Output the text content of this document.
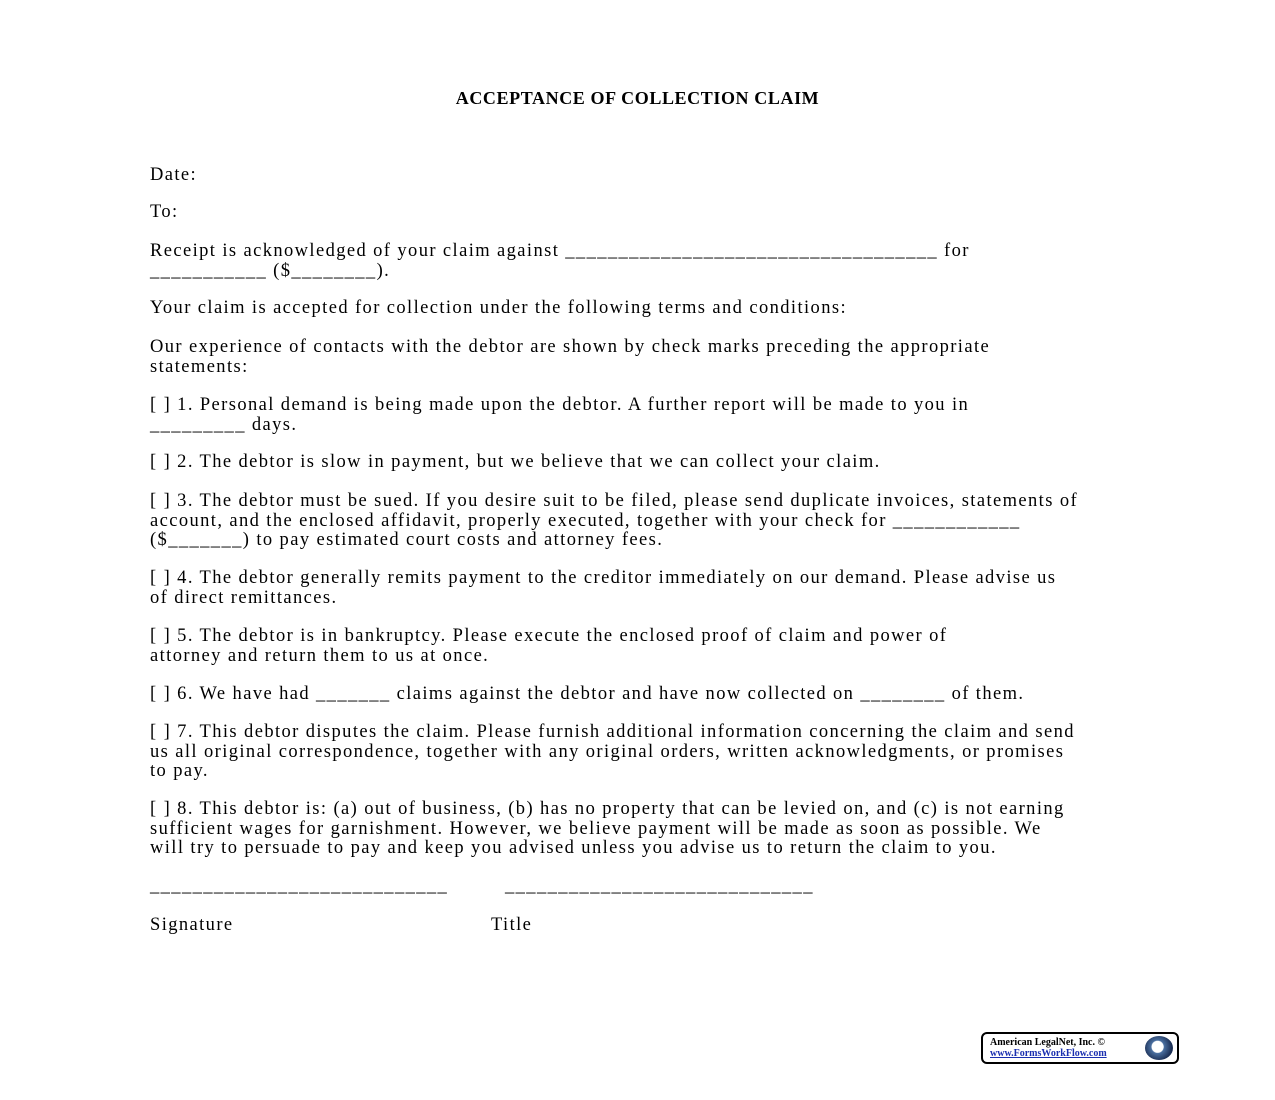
ACCEPTANCE OF COLLECTION CLAIM
Date:
To:
Receipt is acknowledged of your claim against ___________________________________ for
___________ ($________).
Your claim is accepted for collection under the following terms and conditions:
Our experience of contacts with the debtor are shown by check marks preceding the appropriate
statements:
[ ] 1. Personal demand is being made upon the debtor. A further report will be made to you in
_________ days.
[ ] 2. The debtor is slow in payment, but we believe that we can collect your claim.
[ ] 3. The debtor must be sued. If you desire suit to be filed, please send duplicate invoices, statements of
account, and the enclosed affidavit, properly executed, together with your check for ____________
($_______) to pay estimated court costs and attorney fees.
[ ] 4. The debtor generally remits payment to the creditor immediately on our demand. Please advise us
of direct remittances.
[ ] 5. The debtor is in bankruptcy. Please execute the enclosed proof of claim and power of
attorney and return them to us at once.
[ ] 6. We have had _______ claims against the debtor and have now collected on ________ of them.
[ ] 7. This debtor disputes the claim. Please furnish additional information concerning the claim and send
us all original correspondence, together with any original orders, written acknowledgments, or promises
to pay.
[ ] 8. This debtor is: (a) out of business, (b) has no property that can be levied on, and (c) is not earning
sufficient wages for garnishment. However, we believe payment will be made as soon as possible. We
will try to persuade to pay and keep you advised unless you advise us to return the claim to you.
____________________________	_____________________________
Signature	Title
American LegalNet, Inc. ©
www.FormsWorkFlow.com
